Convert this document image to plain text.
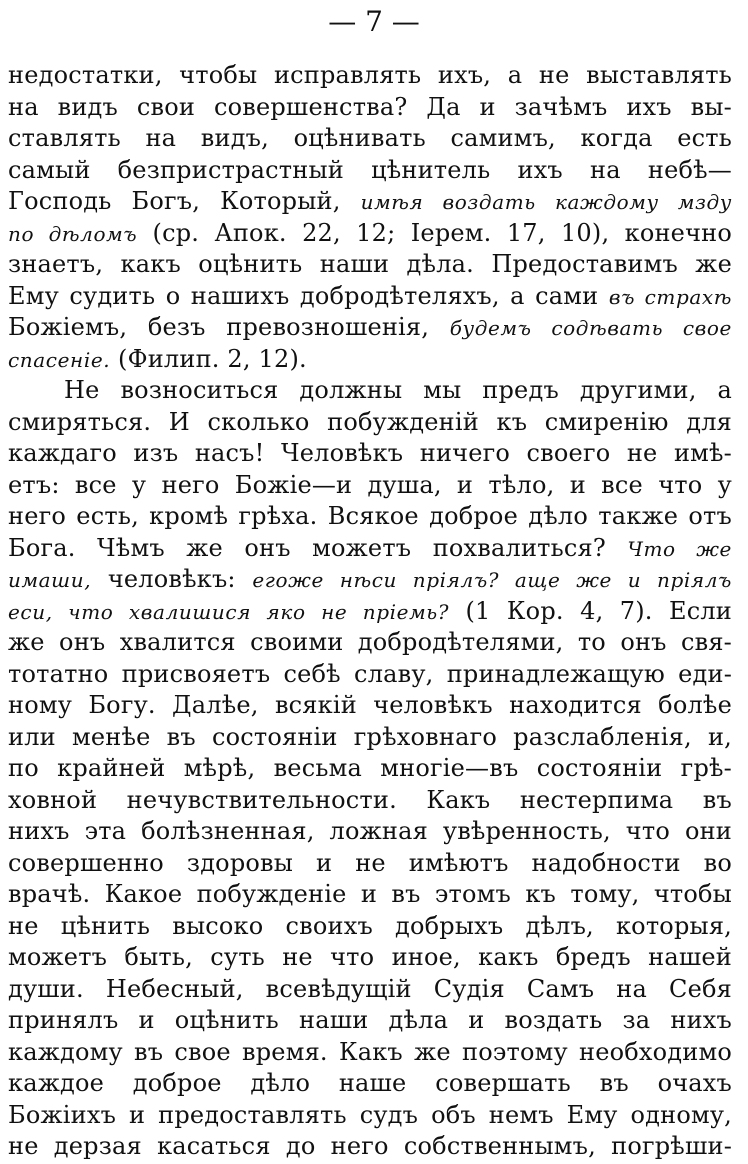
— 7 —
недостатки, чтобы исправлять ихъ, а не выставлять
на видъ свои совершенства? Да и зачѣмъ ихъ вы-
ставлять на видъ, оцѣнивать самимъ, когда есть
самый безпристрастный цѣнитель ихъ на небѣ—
Господь Богъ, Который, имѣя воздать каждому мзду
по дѣломъ (ср. Апок. 22, 12; Iерем. 17, 10), конечно
знаетъ, какъ оцѣнить наши дѣла. Предоставимъ же
Ему судить о нашихъ добродѣтеляхъ, а сами въ страхѣ
Божіемъ, безъ превозношенія, будемъ содѣвать свое
спасеніе. (Филип. 2, 12).
Не возноситься должны мы предъ другими, а
смиряться. И сколько побужденій къ смиренію для
каждаго изъ насъ! Человѣкъ ничего своего не имѣ-
етъ: все у него Божіе—и душа, и тѣло, и все что у
него есть, кромѣ грѣха. Всякое доброе дѣло также отъ
Бога. Чѣмъ же онъ можетъ похвалиться? Что же
имаши, человѣкъ: егоже нѣси пріялъ? аще же и пріялъ
еси, что хвалишися яко не пріемь? (1 Кор. 4, 7). Если
же онъ хвалится своими добродѣтелями, то онъ свя-
тотатно присвояетъ себѣ славу, принадлежащую еди-
ному Богу. Далѣе, всякій человѣкъ находится болѣе
или менѣе въ состояніи грѣховнаго разслабленія, и,
по крайней мѣрѣ, весьма многіе—въ состояніи грѣ-
ховной нечувствительности. Какъ нестерпима въ
нихъ эта болѣзненная, ложная увѣренность, что они
совершенно здоровы и не имѣютъ надобности во
врачѣ. Какое побужденіе и въ этомъ къ тому, чтобы
не цѣнить высоко своихъ добрыхъ дѣлъ, которыя,
можетъ быть, суть не что иное, какъ бредъ нашей
души. Небесный, всевѣдущій Судія Самъ на Себя
принялъ и оцѣнить наши дѣла и воздать за нихъ
каждому въ свое время. Какъ же поэтому необходимо
каждое доброе дѣло наше совершать въ очахъ
Божіихъ и предоставлять судъ объ немъ Ему одному,
не дерзая касаться до него собственнымъ, погрѣши-
